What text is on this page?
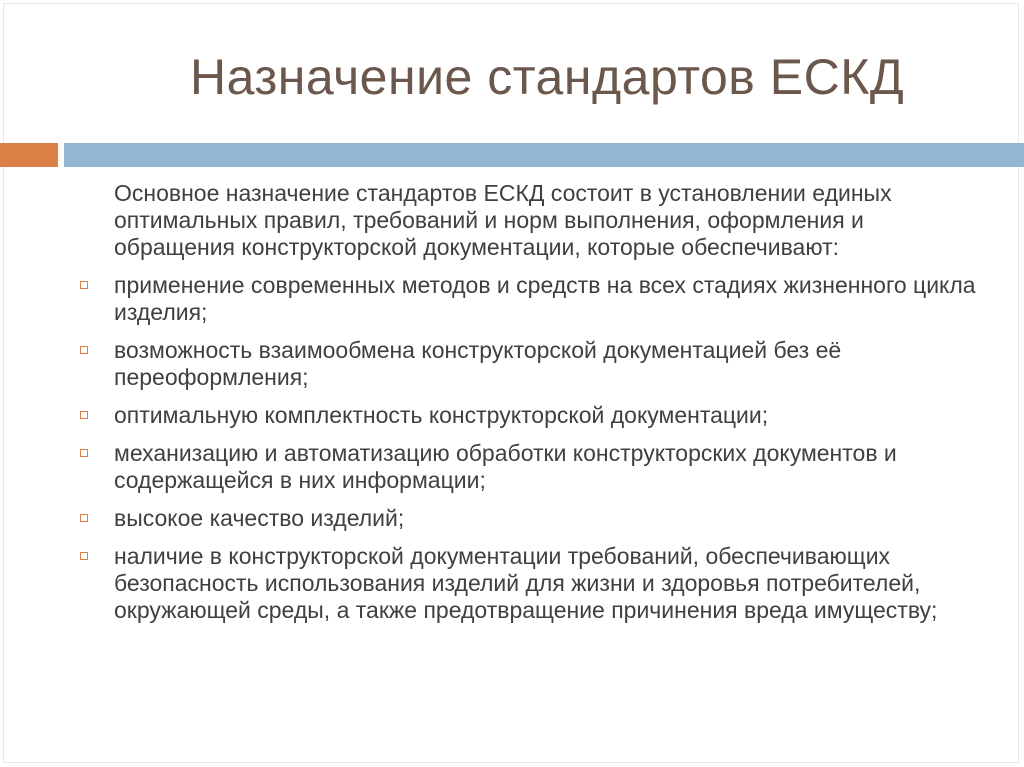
Назначение стандартов ЕСКД
Основное назначение стандартов ЕСКД состоит в установлении единых оптимальных правил, требований и норм выполнения, оформления и обращения конструкторской документации, которые обеспечивают:
применение современных методов и средств на всех стадиях жизненного цикла изделия;
возможность взаимообмена конструкторской документацией без её переоформления;
оптимальную комплектность конструкторской документации;
механизацию и автоматизацию обработки конструкторских документов и содержащейся в них информации;
высокое качество изделий;
наличие в конструкторской документации требований, обеспечивающих безопасность использования изделий для жизни и здоровья потребителей, окружающей среды, а также предотвращение причинения вреда имуществу;
